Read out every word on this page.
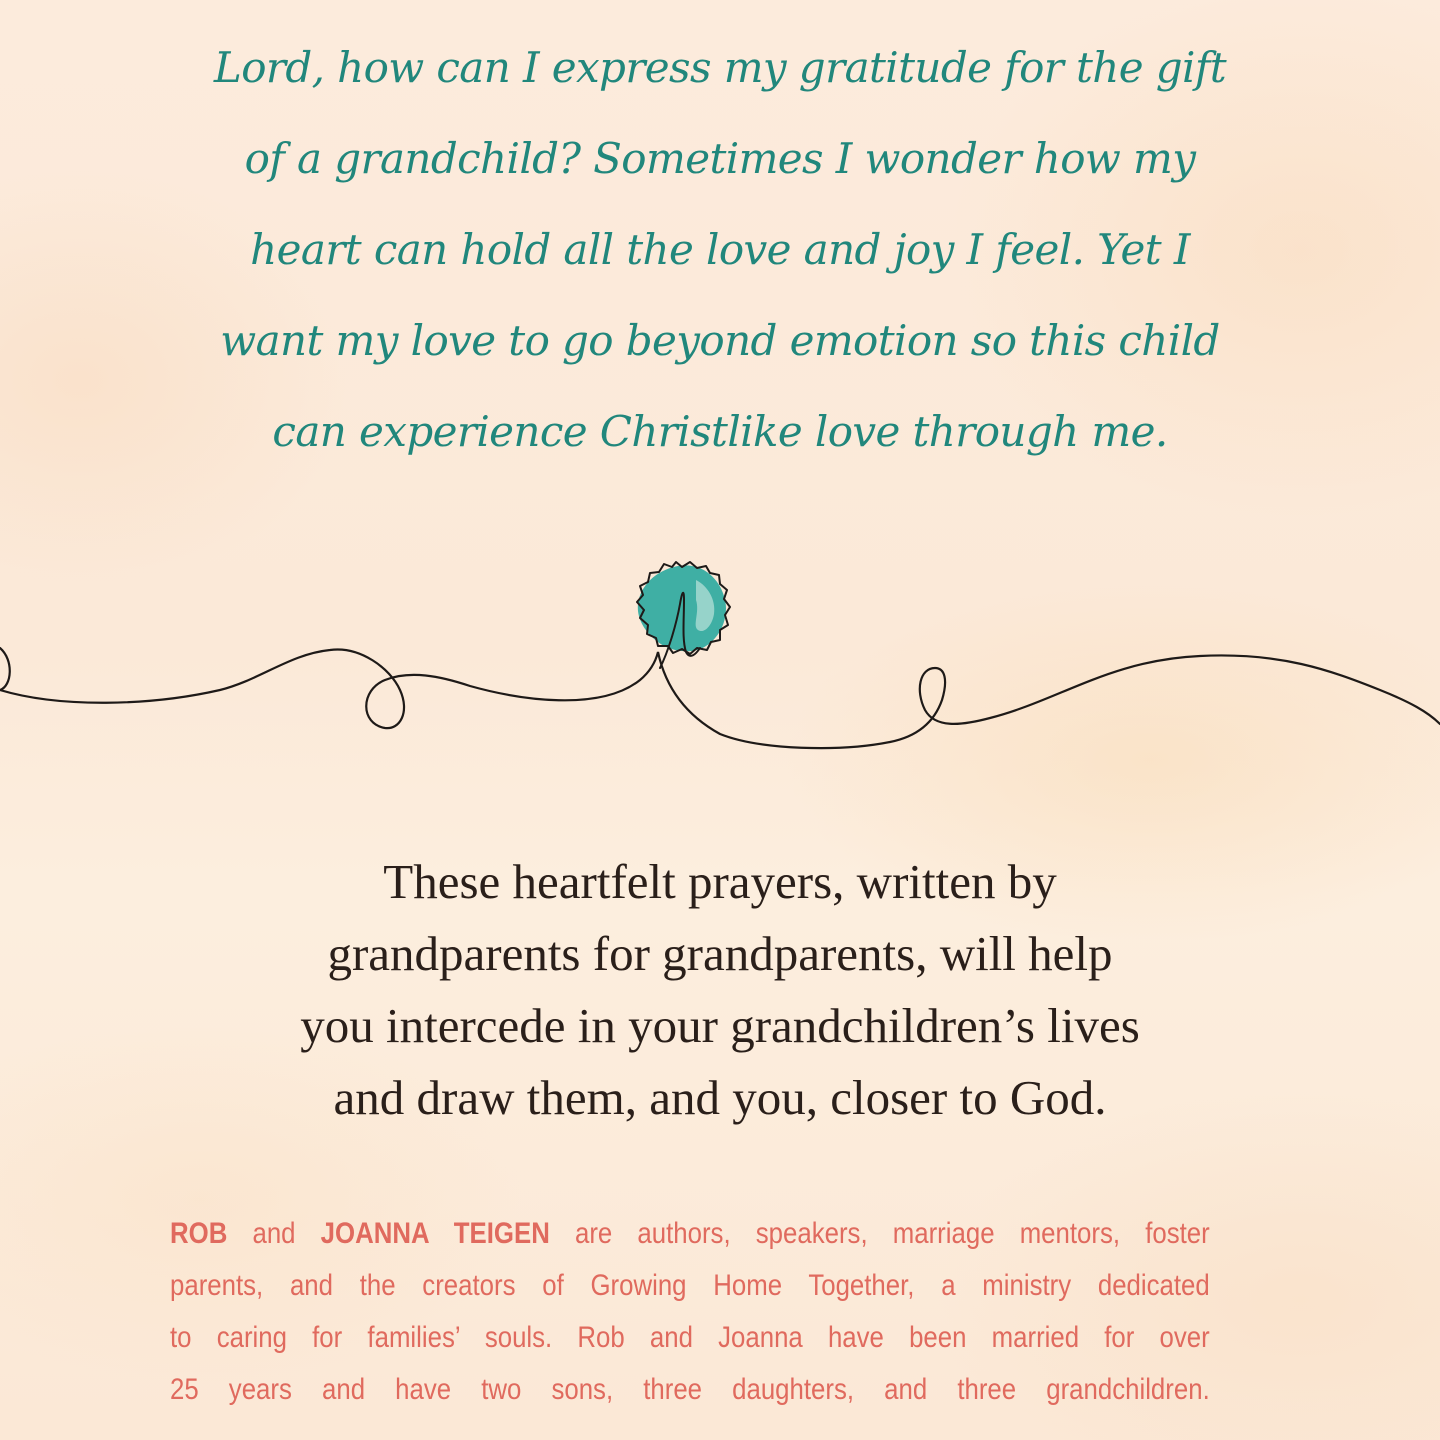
Lord, how can I express my gratitude for the gift
of a grandchild? Sometimes I wonder how my
heart can hold all the love and joy I feel. Yet I
want my love to go beyond emotion so this child
can experience Christlike love through me.
These heartfelt prayers, written by
grandparents for grandparents, will help
you intercede in your grandchildren’s lives
and draw them, and you, closer to God.
ROB and JOANNA TEIGEN are authors, speakers, marriage mentors, foster
parents, and the creators of Growing Home Together, a ministry dedicated
to caring for families’ souls. Rob and Joanna have been married for over
25 years and have two sons, three daughters, and three grandchildren.
